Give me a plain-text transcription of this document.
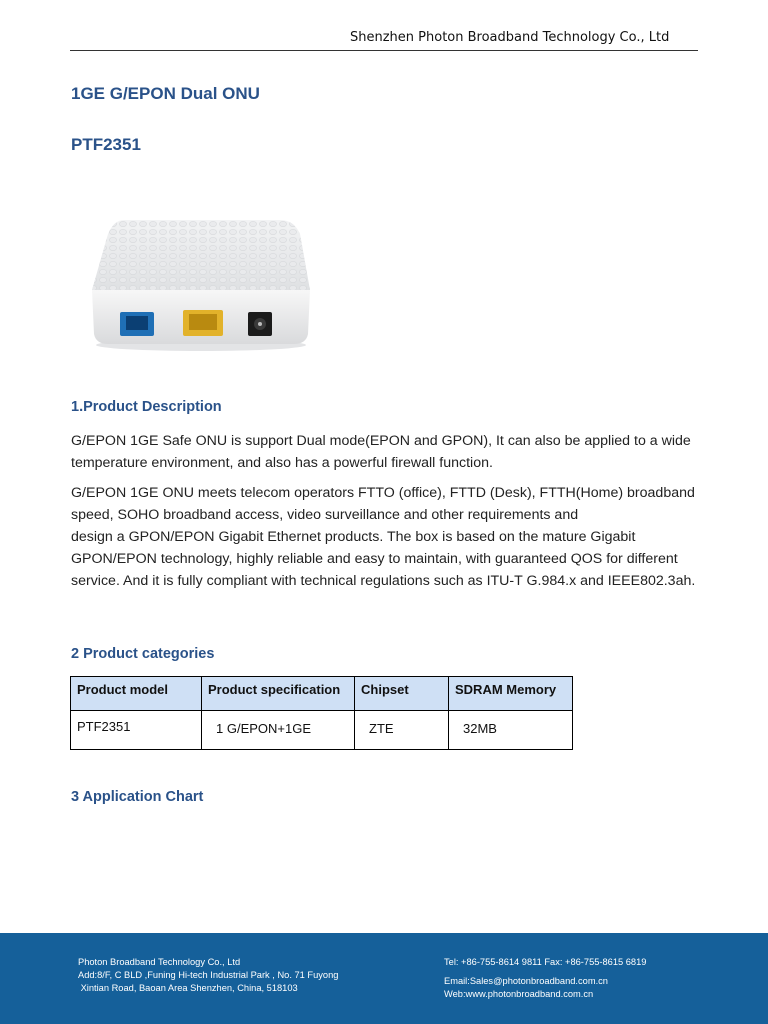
Shenzhen Photon Broadband Technology Co., Ltd
1GE G/EPON Dual ONU
PTF2351
1.Product Description

G/EPON 1GE Safe ONU is support Dual mode(EPON and GPON), It can also be applied to a wide
temperature environment, and also has a powerful firewall function.

G/EPON 1GE ONU meets telecom operators FTTO (office), FTTD (Desk), FTTH(Home) broadband
speed, SOHO broadband access, video surveillance and other requirements and
design a GPON/EPON Gigabit Ethernet products. The box is based on the mature Gigabit
GPON/EPON technology, highly reliable and easy to maintain, with guaranteed QOS for different
service. And it is fully compliant with technical regulations such as ITU-T G.984.x and IEEE802.3ah.

2 Product categories
Product model	Product specification	Chipset	SDRAM Memory
PTF2351	1 G/EPON+1GE	ZTE	32MB
3 Application Chart
Photon Broadband Technology Co., Ltd
Add:8/F, C BLD ,Funing Hi-tech Industrial Park , No. 71 Fuyong
Xintian Road, Baoan Area Shenzhen, China, 518103
Tel: +86-755-8614 9811 Fax: +86-755-8615 6819
Email:Sales@photonbroadband.com.cn
Web:www.photonbroadband.com.cn
